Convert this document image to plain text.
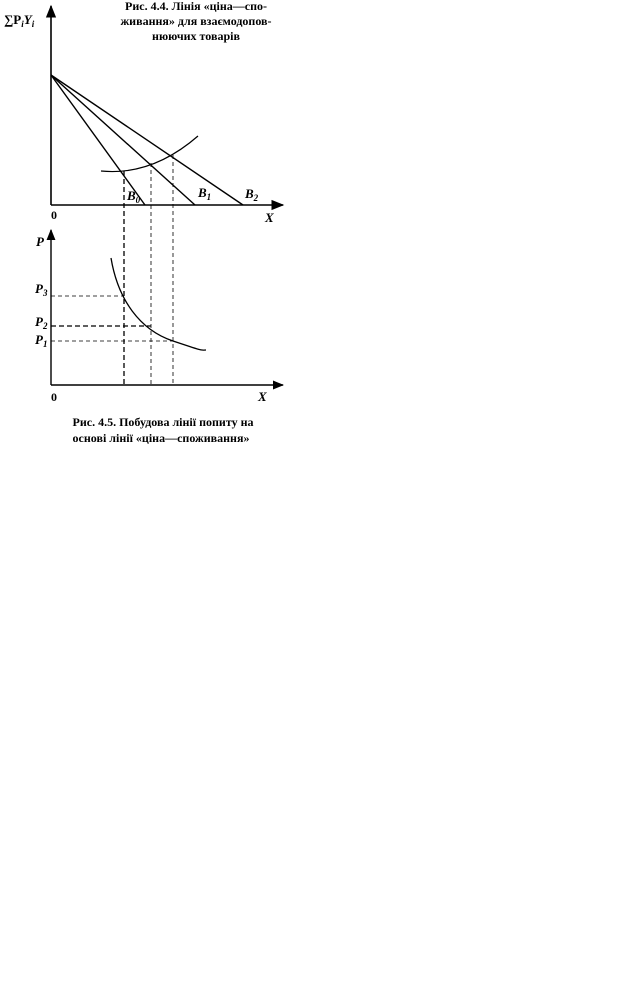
Рис. 4.4. Лінія «ціна—спо-
живання» для взаємодопов-
нюючих товарів
$\sum P_iY_i$
0	X
$B_0$	$B_1$	$B_2$
P
0	X
$P_3$
$P_2$
$P_1$
Рис. 4.5. Побудова лінії попиту на
основі лінії «ціна—споживання»
